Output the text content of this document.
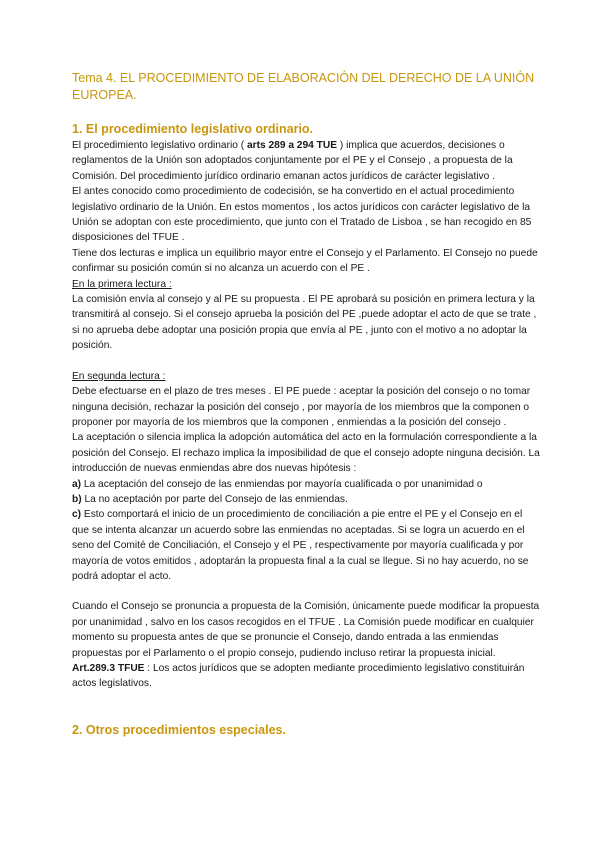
Tema 4. EL PROCEDIMIENTO DE ELABORACIÓN DEL DERECHO DE LA UNIÓN EUROPEA.

1. El procedimiento legislativo ordinario.

El procedimiento legislativo ordinario ( arts 289 a 294 TUE ) implica que acuerdos, decisiones o reglamentos de la Unión son adoptados conjuntamente por el PE y el Consejo , a propuesta de la Comisión. Del procedimiento jurídico ordinario emanan actos jurídicos de carácter legislativo .

El antes conocido como procedimiento de codecisión, se ha convertido en el actual procedimiento legislativo ordinario de la Unión. En estos momentos , los actos jurídicos con carácter legislativo de la Unión se adoptan con este procedimiento, que junto con el Tratado de Lisboa , se han recogido en 85 disposiciones del TFUE .

Tiene dos lecturas e implica un equilibrio mayor entre el Consejo y el Parlamento. El Consejo no puede confirmar su posición común si no alcanza un acuerdo con el PE .

En la primera lectura :

La comisión envía al consejo y al PE su propuesta . El PE aprobará su posición en primera lectura y la transmitirá al consejo. Si el consejo aprueba la posición del PE ,puede adoptar el acto de que se trate , si no aprueba debe adoptar una posición propia que envía al PE , junto con el motivo a no adoptar la posición.

En segunda lectura :

Debe efectuarse en el plazo de tres meses . El PE puede : aceptar la posición del consejo o no tomar ninguna decisión, rechazar la posición del consejo , por mayoría de los miembros que la componen o proponer por mayoría de los miembros que la componen , enmiendas a la posición del consejo .

La aceptación o silencia implica la adopción automática del acto en la formulación correspondiente a la posición del Consejo. El rechazo implica la imposibilidad de que el consejo adopte ninguna decisión. La introducción de nuevas enmiendas abre dos nuevas hipótesis :

a) La aceptación del consejo de las enmiendas por mayoría cualificada o por unanimidad o

b) La no aceptación por parte del Consejo de las enmiendas.

c) Esto comportará el inicio de un procedimiento de conciliación a pie entre el PE y el Consejo en el que se intenta alcanzar un acuerdo sobre las enmiendas no aceptadas. Si se logra un acuerdo en el seno del Comité de Conciliación, el Consejo y el PE , respectivamente por mayoría cualificada y por mayoría de votos emitidos , adoptarán la propuesta final a la cual se llegue. Si no hay acuerdo, no se podrá adoptar el acto.

Cuando el Consejo se pronuncia a propuesta de la Comisión, únicamente puede modificar la propuesta por unanimidad , salvo en los casos recogidos en el TFUE . La Comisión puede modificar en cualquier momento su propuesta antes de que se pronuncie el Consejo, dando entrada a las enmiendas propuestas por el Parlamento o el propio consejo, pudiendo incluso retirar la propuesta inicial.

Art.289.3 TFUE : Los actos jurídicos que se adopten mediante procedimiento legislativo constituirán actos legislativos.

2. Otros procedimientos especiales.
